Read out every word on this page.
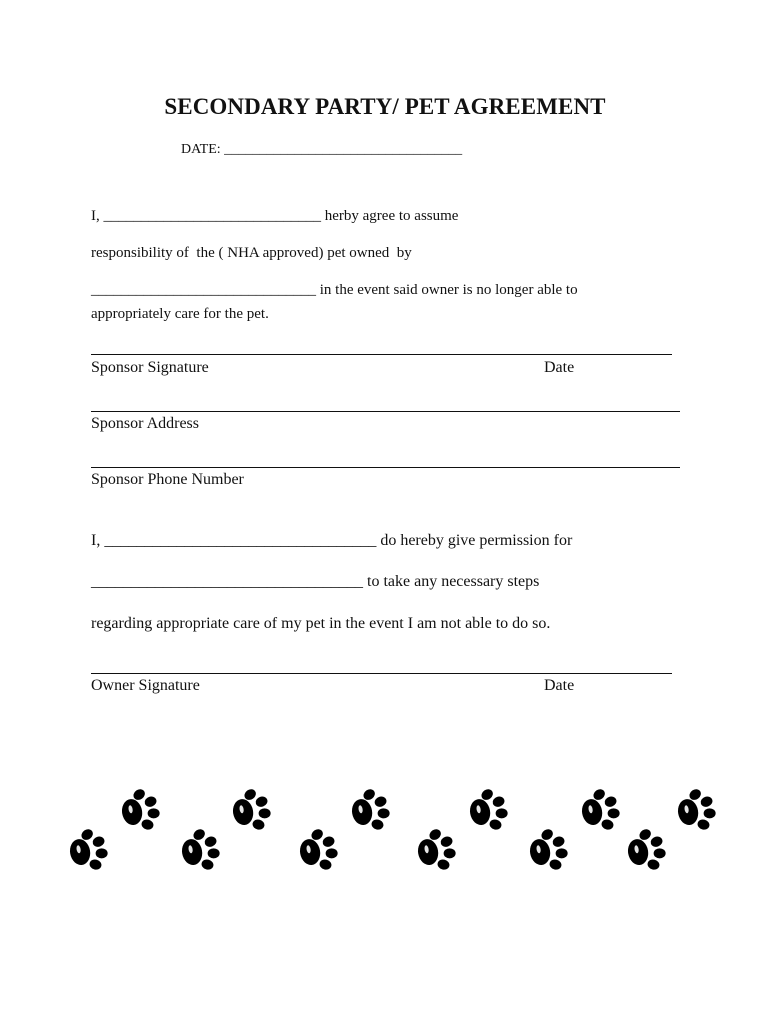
SECONDARY PARTY/ PET AGREEMENT
DATE: __________________________________
I, _____________________________ herby agree to assume
responsibility of  the ( NHA approved) pet owned  by
______________________________ in the event said owner is no longer able to
appropriately care for the pet.
Sponsor Signature	Date
Sponsor Address
Sponsor Phone Number
I, __________________________________ do hereby give permission for
__________________________________ to take any necessary steps
regarding appropriate care of my pet in the event I am not able to do so.
Owner Signature	Date
